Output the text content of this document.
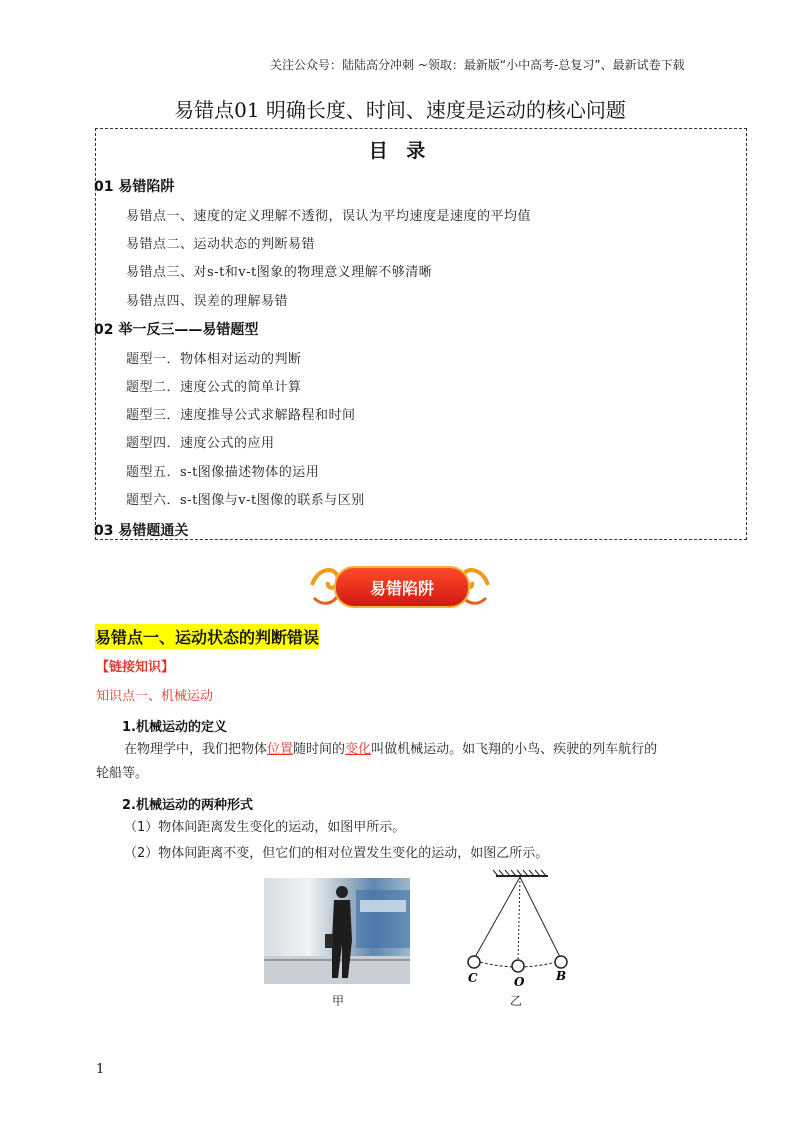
关注公众号：陆陆高分冲刺 ~领取：最新版“小中高考-总复习”、最新试卷下载
易错点01 明确长度、时间、速度是运动的核心问题
目 录
01 易错陷阱
易错点一、速度的定义理解不透彻，误认为平均速度是速度的平均值
易错点二、运动状态的判断易错
易错点三、对s-t和v-t图象的物理意义理解不够清晰
易错点四、误差的理解易错
02 举一反三——易错题型
题型一．物体相对运动的判断
题型二．速度公式的简单计算
题型三．速度推导公式求解路程和时间
题型四．速度公式的应用
题型五．s-t图像描述物体的运用
题型六．s-t图像与v-t图像的联系与区别
03 易错题通关
易错陷阱
易错点一、运动状态的判断错误
【链接知识】
知识点一、机械运动
1.机械运动的定义
在物理学中，我们把物体位置随时间的变化叫做机械运动。如飞翔的小鸟、疾驶的列车航行的
轮船等。
2.机械运动的两种形式
（1）物体间距离发生变化的运动，如图甲所示。
（2）物体间距离不变，但它们的相对位置发生变化的运动，如图乙所示。
甲
C	O	B
乙
1
